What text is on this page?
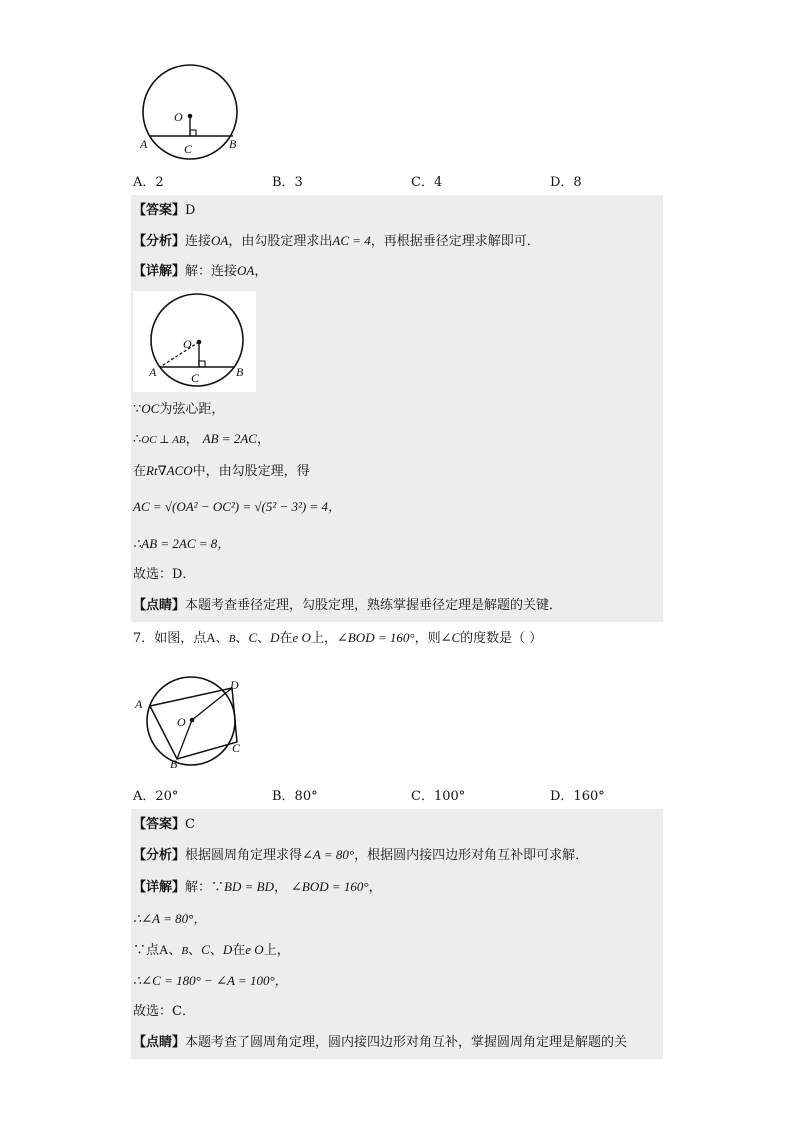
O
A	B
C
A．2	B．3	C．4	D．8
【答案】D
【分析】连接OA，由勾股定理求出AC = 4，再根据垂径定理求解即可．
【详解】解：连接OA，
O
A	B
C
∵OC为弦心距，
∴OC ⊥ AB， AB = 2AC，
在Rt∇ACO中，由勾股定理，得
AC = √(OA² − OC²) = √(5² − 3²) = 4，
∴AB = 2AC = 8，
故选：D．
【点睛】本题考查垂径定理，勾股定理，熟练掌握垂径定理是解题的关键．
7．如图，点A、B、C、D在e O上，∠BOD = 160°，则∠C的度数是（ ）
O
A
D
C
B
A．20°	B．80°	C．100°	D．160°
【答案】C
【分析】根据圆周角定理求得∠A = 80°，根据圆内接四边形对角互补即可求解．
【详解】解：∵BD = BD， ∠BOD = 160°，
∴∠A = 80°，
∵点A、B、C、D在e O上，
∴∠C = 180° − ∠A = 100°，
故选：C．
【点睛】本题考查了圆周角定理，圆内接四边形对角互补，掌握圆周角定理是解题的关
